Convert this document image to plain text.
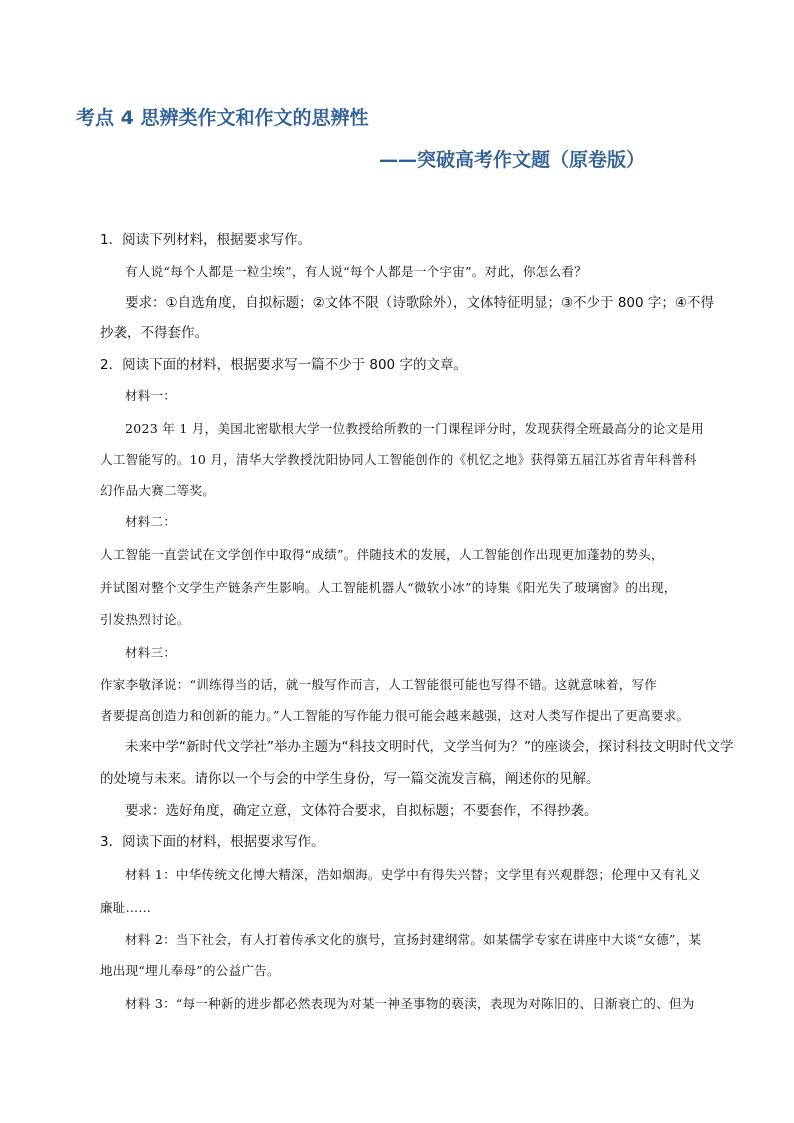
考点 4 思辨类作文和作文的思辨性
——突破高考作文题（原卷版）
1．阅读下列材料，根据要求写作。
有人说“每个人都是一粒尘埃”，有人说“每个人都是一个宇宙”。对此，你怎么看？
要求：①自选角度，自拟标题；②文体不限（诗歌除外），文体特征明显；③不少于 800 字；④不得
抄袭，不得套作。
2．阅读下面的材料，根据要求写一篇不少于 800 字的文章。
材料一：
2023 年 1 月，美国北密歇根大学一位教授给所教的一门课程评分时，发现获得全班最高分的论文是用
人工智能写的。10 月，清华大学教授沈阳协同人工智能创作的《机忆之地》获得第五届江苏省青年科普科
幻作品大赛二等奖。
材料二：
人工智能一直尝试在文学创作中取得“成绩”。伴随技术的发展，人工智能创作出现更加蓬勃的势头，
并试图对整个文学生产链条产生影响。人工智能机器人“微软小冰”的诗集《阳光失了玻璃窗》的出现，
引发热烈讨论。
材料三：
作家李敬泽说：“训练得当的话，就一般写作而言，人工智能很可能也写得不错。这就意味着，写作
者要提高创造力和创新的能力。”人工智能的写作能力很可能会越来越强，这对人类写作提出了更高要求。
未来中学“新时代文学社”举办主题为“科技文明时代，文学当何为？”的座谈会，探讨科技文明时代文学
的处境与未来。请你以一个与会的中学生身份，写一篇交流发言稿，阐述你的见解。
要求：选好角度，确定立意，文体符合要求，自拟标题；不要套作，不得抄袭。
3．阅读下面的材料，根据要求写作。
材料 1：中华传统文化博大精深，浩如烟海。史学中有得失兴替；文学里有兴观群怨；伦理中又有礼义
廉耻……
材料 2：当下社会，有人打着传承文化的旗号，宣扬封建纲常。如某儒学专家在讲座中大谈“女德”，某
地出现“埋儿奉母”的公益广告。
材料 3：“每一种新的进步都必然表现为对某一神圣事物的亵渎，表现为对陈旧的、日渐衰亡的、但为
